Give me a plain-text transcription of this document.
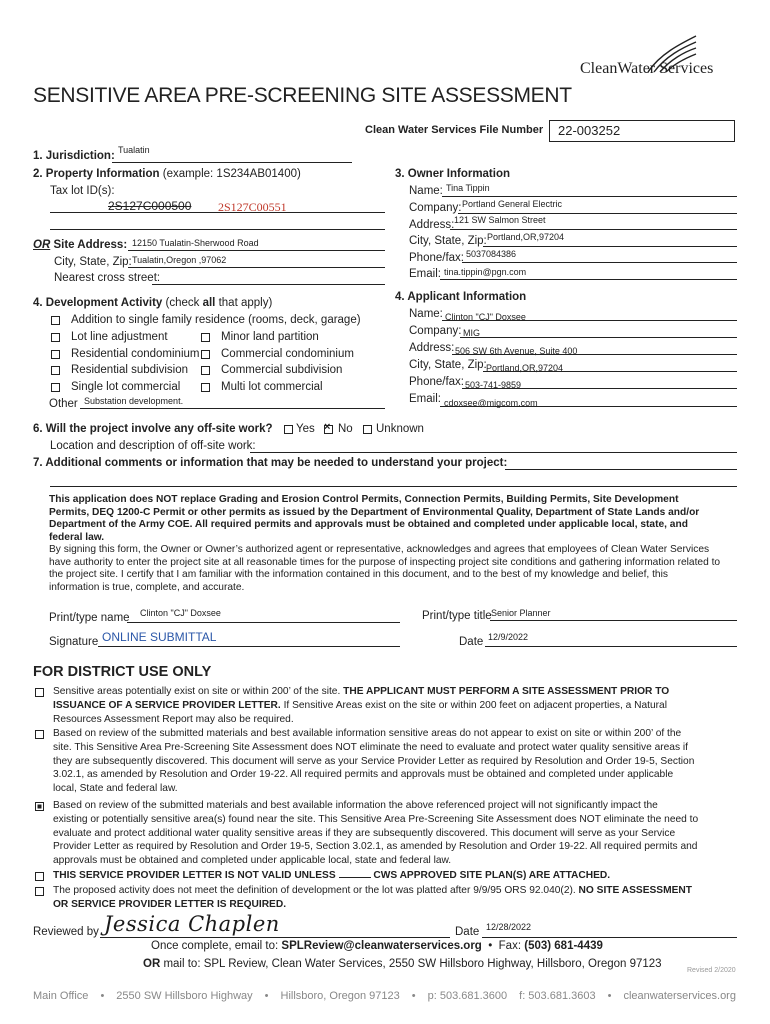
CleanWater Services
SENSITIVE AREA PRE-SCREENING SITE ASSESSMENT
Clean Water Services File Number 22-003252
1. Jurisdiction: Tualatin
2. Property Information (example: 1S234AB01400)
Tax lot ID(s):
2S127C000500 2S127C00551
OR Site Address: 12150 Tualatin-Sherwood Road
City, State, Zip: Tualatin,Oregon ,97062
Nearest cross street:
3. Owner Information
Name: Tina Tippin
Company: Portland General Electric
Address: 121 SW Salmon Street
City, State, Zip: Portland,OR,97204
Phone/fax: 5037084386
Email: tina.tippin@pgn.com
4. Development Activity (check all that apply)
Addition to single family residence (rooms, deck, garage)
Lot line adjustment	Minor land partition
Residential condominium Commercial condominium
Residential subdivision	Commercial subdivision
Single lot commercial	Multi lot commercial
Other Substation development.
4. Applicant Information
Name: Clinton "CJ" Doxsee
Company: MIG
Address: 506 SW 6th Avenue, Suite 400
City, State, Zip: Portland,OR,97204
Phone/fax: 503-741-9859
Email: cdoxsee@migcom.com
6. Will the project involve any off-site work? Yes
× No Unknown
Location and description of off-site work:
7. Additional comments or information that may be needed to understand your project:
This application does NOT replace Grading and Erosion Control Permits, Connection Permits, Building Permits, Site Development Permits, DEQ 1200-C Permit or other permits as issued by the Department of Environmental Quality, Department of State Lands and/or Department of the Army COE. All required permits and approvals must be obtained and completed under applicable local, state, and federal law.
By signing this form, the Owner or Owner’s authorized agent or representative, acknowledges and agrees that employees of Clean Water Services have authority to enter the project site at all reasonable times for the purpose of inspecting project site conditions and gathering information related to the project site. I certify that I am familiar with the information contained in this document, and to the best of my knowledge and belief, this information is true, complete, and accurate.
Print/type name Clinton "CJ" Doxsee	Print/type title Senior Planner
Signature ONLINE SUBMITTAL	Date 12/9/2022
FOR DISTRICT USE ONLY
Sensitive areas potentially exist on site or within 200’ of the site. THE APPLICANT MUST PERFORM A SITE ASSESSMENT PRIOR TO
ISSUANCE OF A SERVICE PROVIDER LETTER. If Sensitive Areas exist on the site or within 200 feet on adjacent properties, a Natural
Resources Assessment Report may also be required.
Based on review of the submitted materials and best available information sensitive areas do not appear to exist on site or within 200’ of the
site. This Sensitive Area Pre-Screening Site Assessment does NOT eliminate the need to evaluate and protect water quality sensitive areas if
they are subsequently discovered. This document will serve as your Service Provider Letter as required by Resolution and Order 19-5, Section
3.02.1, as amended by Resolution and Order 19-22. All required permits and approvals must be obtained and completed under applicable
local, State and federal law.
Based on review of the submitted materials and best available information the above referenced project will not significantly impact the
existing or potentially sensitive area(s) found near the site. This Sensitive Area Pre-Screening Site Assessment does NOT eliminate the need to
evaluate and protect additional water quality sensitive areas if they are subsequently discovered. This document will serve as your Service
Provider Letter as required by Resolution and Order 19-5, Section 3.02.1, as amended by Resolution and Order 19-22. All required permits and
approvals must be obtained and completed under applicable local, state and federal law.
THIS SERVICE PROVIDER LETTER IS NOT VALID UNLESS	CWS APPROVED SITE PLAN(S) ARE ATTACHED.
The proposed activity does not meet the definition of development or the lot was platted after 9/9/95 ORS 92.040(2). NO SITE ASSESSMENT
OR SERVICE PROVIDER LETTER IS REQUIRED.
Reviewed by Jessica Chaplen	Date 12/28/2022
Once complete, email to: SPLReview@cleanwaterservices.org • Fax: (503) 681-4439
OR mail to: SPL Review, Clean Water Services, 2550 SW Hillsboro Highway, Hillsboro, Oregon 97123
Revised 2/2020
Main Office • 2550 SW Hillsboro Highway • Hillsboro, Oregon 97123 • p: 503.681.3600 f: 503.681.3603 • cleanwaterservices.org
